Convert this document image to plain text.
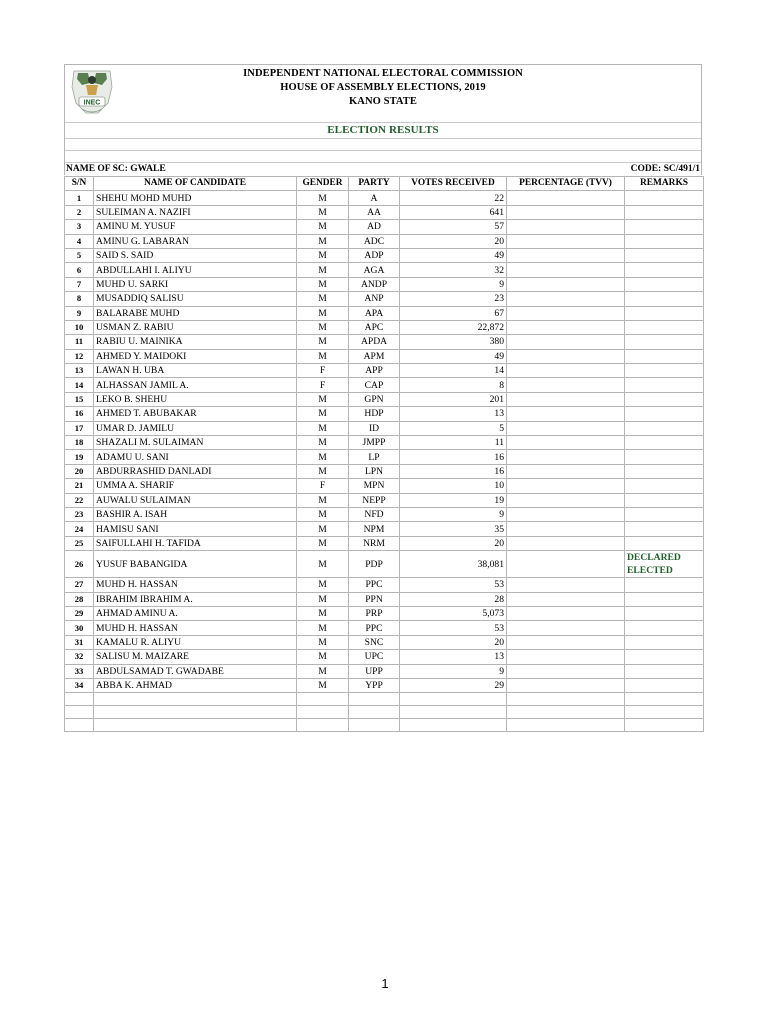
INDEPENDENT NATIONAL ELECTORAL COMMISSION
HOUSE OF ASSEMBLY ELECTIONS, 2019
KANO STATE
ELECTION RESULTS
INEC
NAME OF SC: GWALE	CODE: SC/491/1
S/N	NAME OF CANDIDATE	GENDER	PARTY	VOTES RECEIVED	PERCENTAGE (TVV)	REMARKS
1	SHEHU MOHD MUHD	M	A	22		
2	SULEIMAN A. NAZIFI	M	AA	641		
3	AMINU M. YUSUF	M	AD	57		
4	AMINU G. LABARAN	M	ADC	20		
5	SAID S. SAID	M	ADP	49		
6	ABDULLAHI I. ALIYU	M	AGA	32		
7	MUHD U. SARKI	M	ANDP	9		
8	MUSADDIQ SALISU	M	ANP	23		
9	BALARABE MUHD	M	APA	67		
10	USMAN Z. RABIU	M	APC	22,872		
11	RABIU U. MAINIKA	M	APDA	380		
12	AHMED Y. MAIDOKI	M	APM	49		
13	LAWAN H. UBA	F	APP	14		
14	ALHASSAN JAMIL A.	F	CAP	8		
15	LEKO B. SHEHU	M	GPN	201		
16	AHMED T. ABUBAKAR	M	HDP	13		
17	UMAR D. JAMILU	M	ID	5		
18	SHAZALI M. SULAIMAN	M	JMPP	11		
19	ADAMU U. SANI	M	LP	16		
20	ABDURRASHID DANLADI	M	LPN	16		
21	UMMA A. SHARIF	F	MPN	10		
22	AUWALU SULAIMAN	M	NEPP	19		
23	BASHIR A. ISAH	M	NFD	9		
24	HAMISU SANI	M	NPM	35		
25	SAIFULLAHI H. TAFIDA	M	NRM	20		
26	YUSUF BABANGIDA	M	PDP	38,081		DECLARED ELECTED
27	MUHD H. HASSAN	M	PPC	53		
28	IBRAHIM IBRAHIM A.	M	PPN	28		
29	AHMAD AMINU A.	M	PRP	5,073		
30	MUHD H. HASSAN	M	PPC	53		
31	KAMALU R. ALIYU	M	SNC	20		
32	SALISU M. MAIZARE	M	UPC	13		
33	ABDULSAMAD T. GWADABE	M	UPP	9		
34	ABBA K. AHMAD	M	YPP	29		

1
